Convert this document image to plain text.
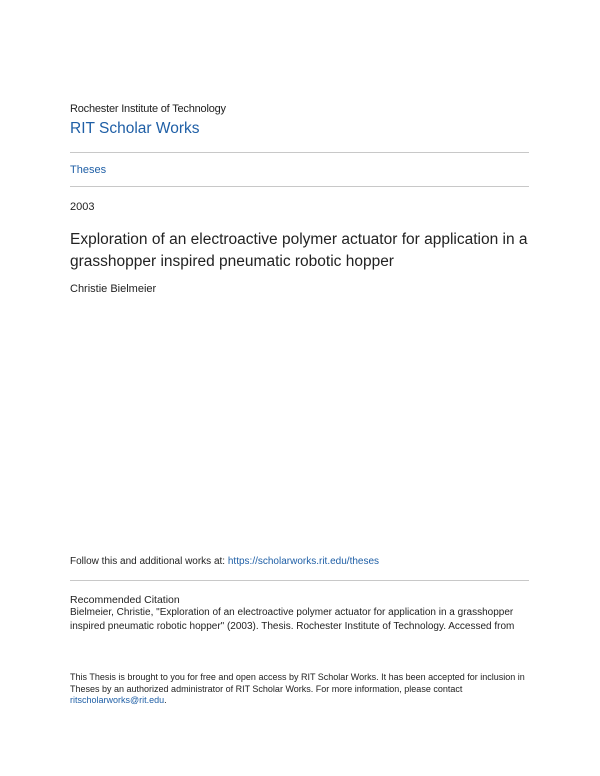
Rochester Institute of Technology
RIT Scholar Works
Theses
2003
Exploration of an electroactive polymer actuator for application in a grasshopper inspired pneumatic robotic hopper
Christie Bielmeier
Follow this and additional works at: https://scholarworks.rit.edu/theses
Recommended Citation
Bielmeier, Christie, "Exploration of an electroactive polymer actuator for application in a grasshopper inspired pneumatic robotic hopper" (2003). Thesis. Rochester Institute of Technology. Accessed from
This Thesis is brought to you for free and open access by RIT Scholar Works. It has been accepted for inclusion in Theses by an authorized administrator of RIT Scholar Works. For more information, please contact ritscholarworks@rit.edu.
